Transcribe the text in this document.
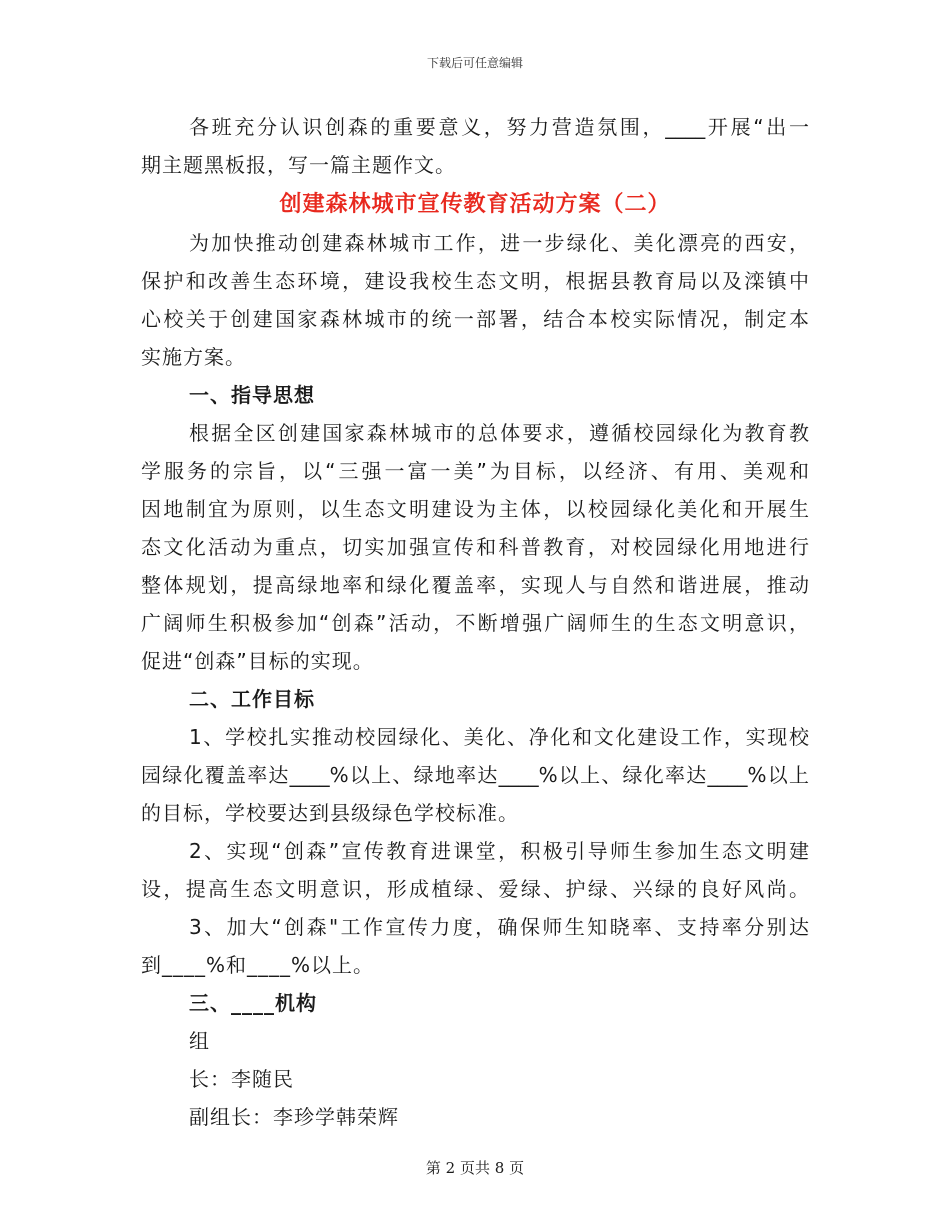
下载后可任意编辑
各班充分认识创森的重要意义，努力营造氛围，____开展“出一
期主题黑板报，写一篇主题作文。
创建森林城市宣传教育活动方案（二）
为加快推动创建森林城市工作，进一步绿化、美化漂亮的西安，
保护和改善生态环境，建设我校生态文明，根据县教育局以及滦镇中
心校关于创建国家森林城市的统一部署，结合本校实际情况，制定本
实施方案。
一、指导思想
根据全区创建国家森林城市的总体要求，遵循校园绿化为教育教
学服务的宗旨，以“三强一富一美”为目标，以经济、有用、美观和
因地制宜为原则，以生态文明建设为主体，以校园绿化美化和开展生
态文化活动为重点，切实加强宣传和科普教育，对校园绿化用地进行
整体规划，提高绿地率和绿化覆盖率，实现人与自然和谐进展，推动
广阔师生积极参加“创森”活动，不断增强广阔师生的生态文明意识，
促进“创森”目标的实现。
二、工作目标
1、学校扎实推动校园绿化、美化、净化和文化建设工作，实现校
园绿化覆盖率达____%以上、绿地率达____%以上、绿化率达____%以上
的目标，学校要达到县级绿色学校标准。
2、实现“创森”宣传教育进课堂，积极引导师生参加生态文明建
设，提高生态文明意识，形成植绿、爱绿、护绿、兴绿的良好风尚。
3、加大“创森"工作宣传力度，确保师生知晓率、支持率分别达
到____%和____%以上。
三、____机构
组
长：李随民
副组长：李珍学韩荣辉
第 2 页共 8 页
